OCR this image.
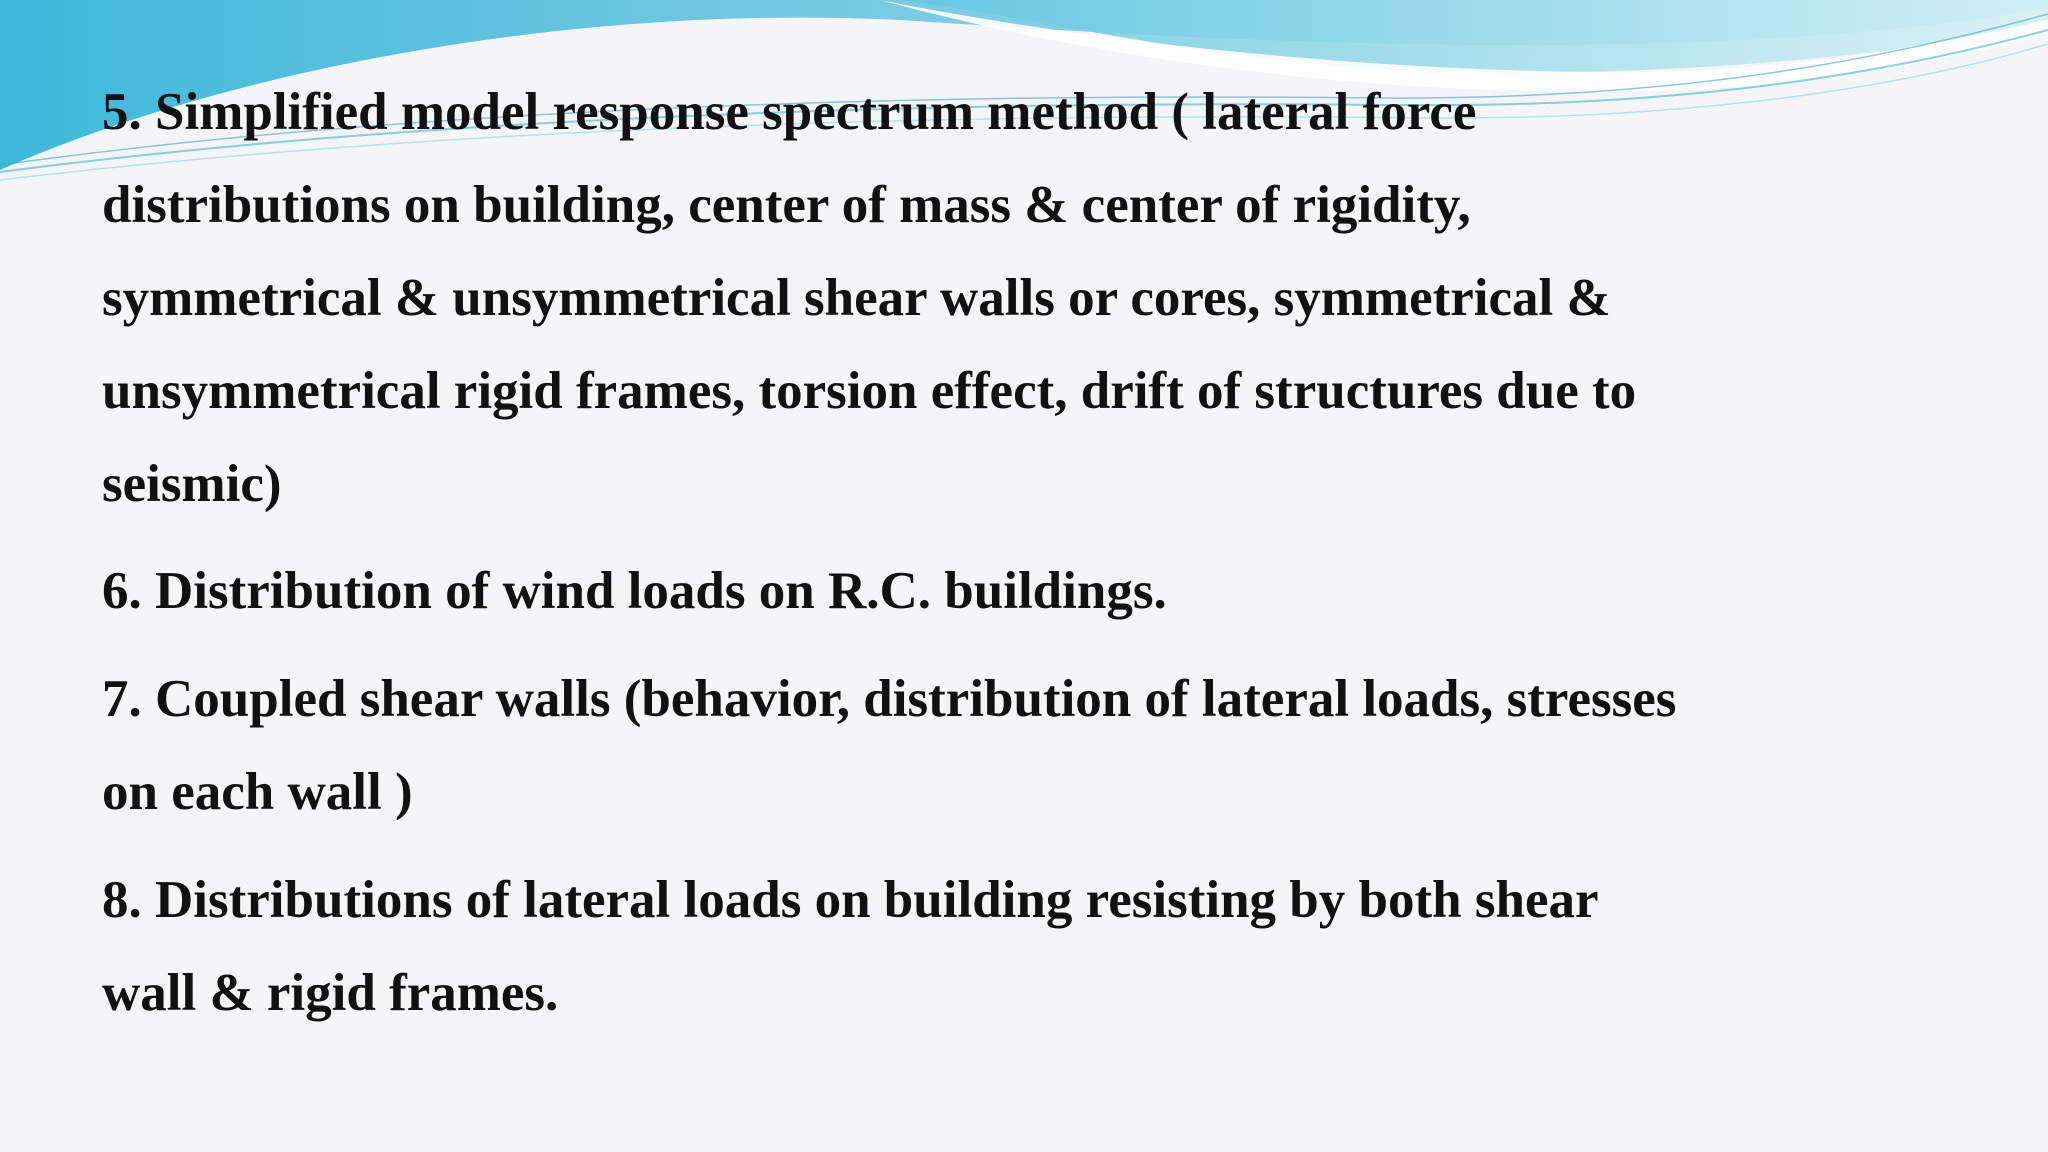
5. Simplified model response spectrum method ( lateral force
distributions on building, center of mass & center of rigidity,
symmetrical & unsymmetrical shear walls or cores, symmetrical &
unsymmetrical rigid frames, torsion effect, drift of structures due to
seismic)
6. Distribution of wind loads on R.C. buildings.
7. Coupled shear walls (behavior, distribution of lateral loads, stresses
on each wall )
8. Distributions of lateral loads on building resisting by both shear
wall & rigid frames.
